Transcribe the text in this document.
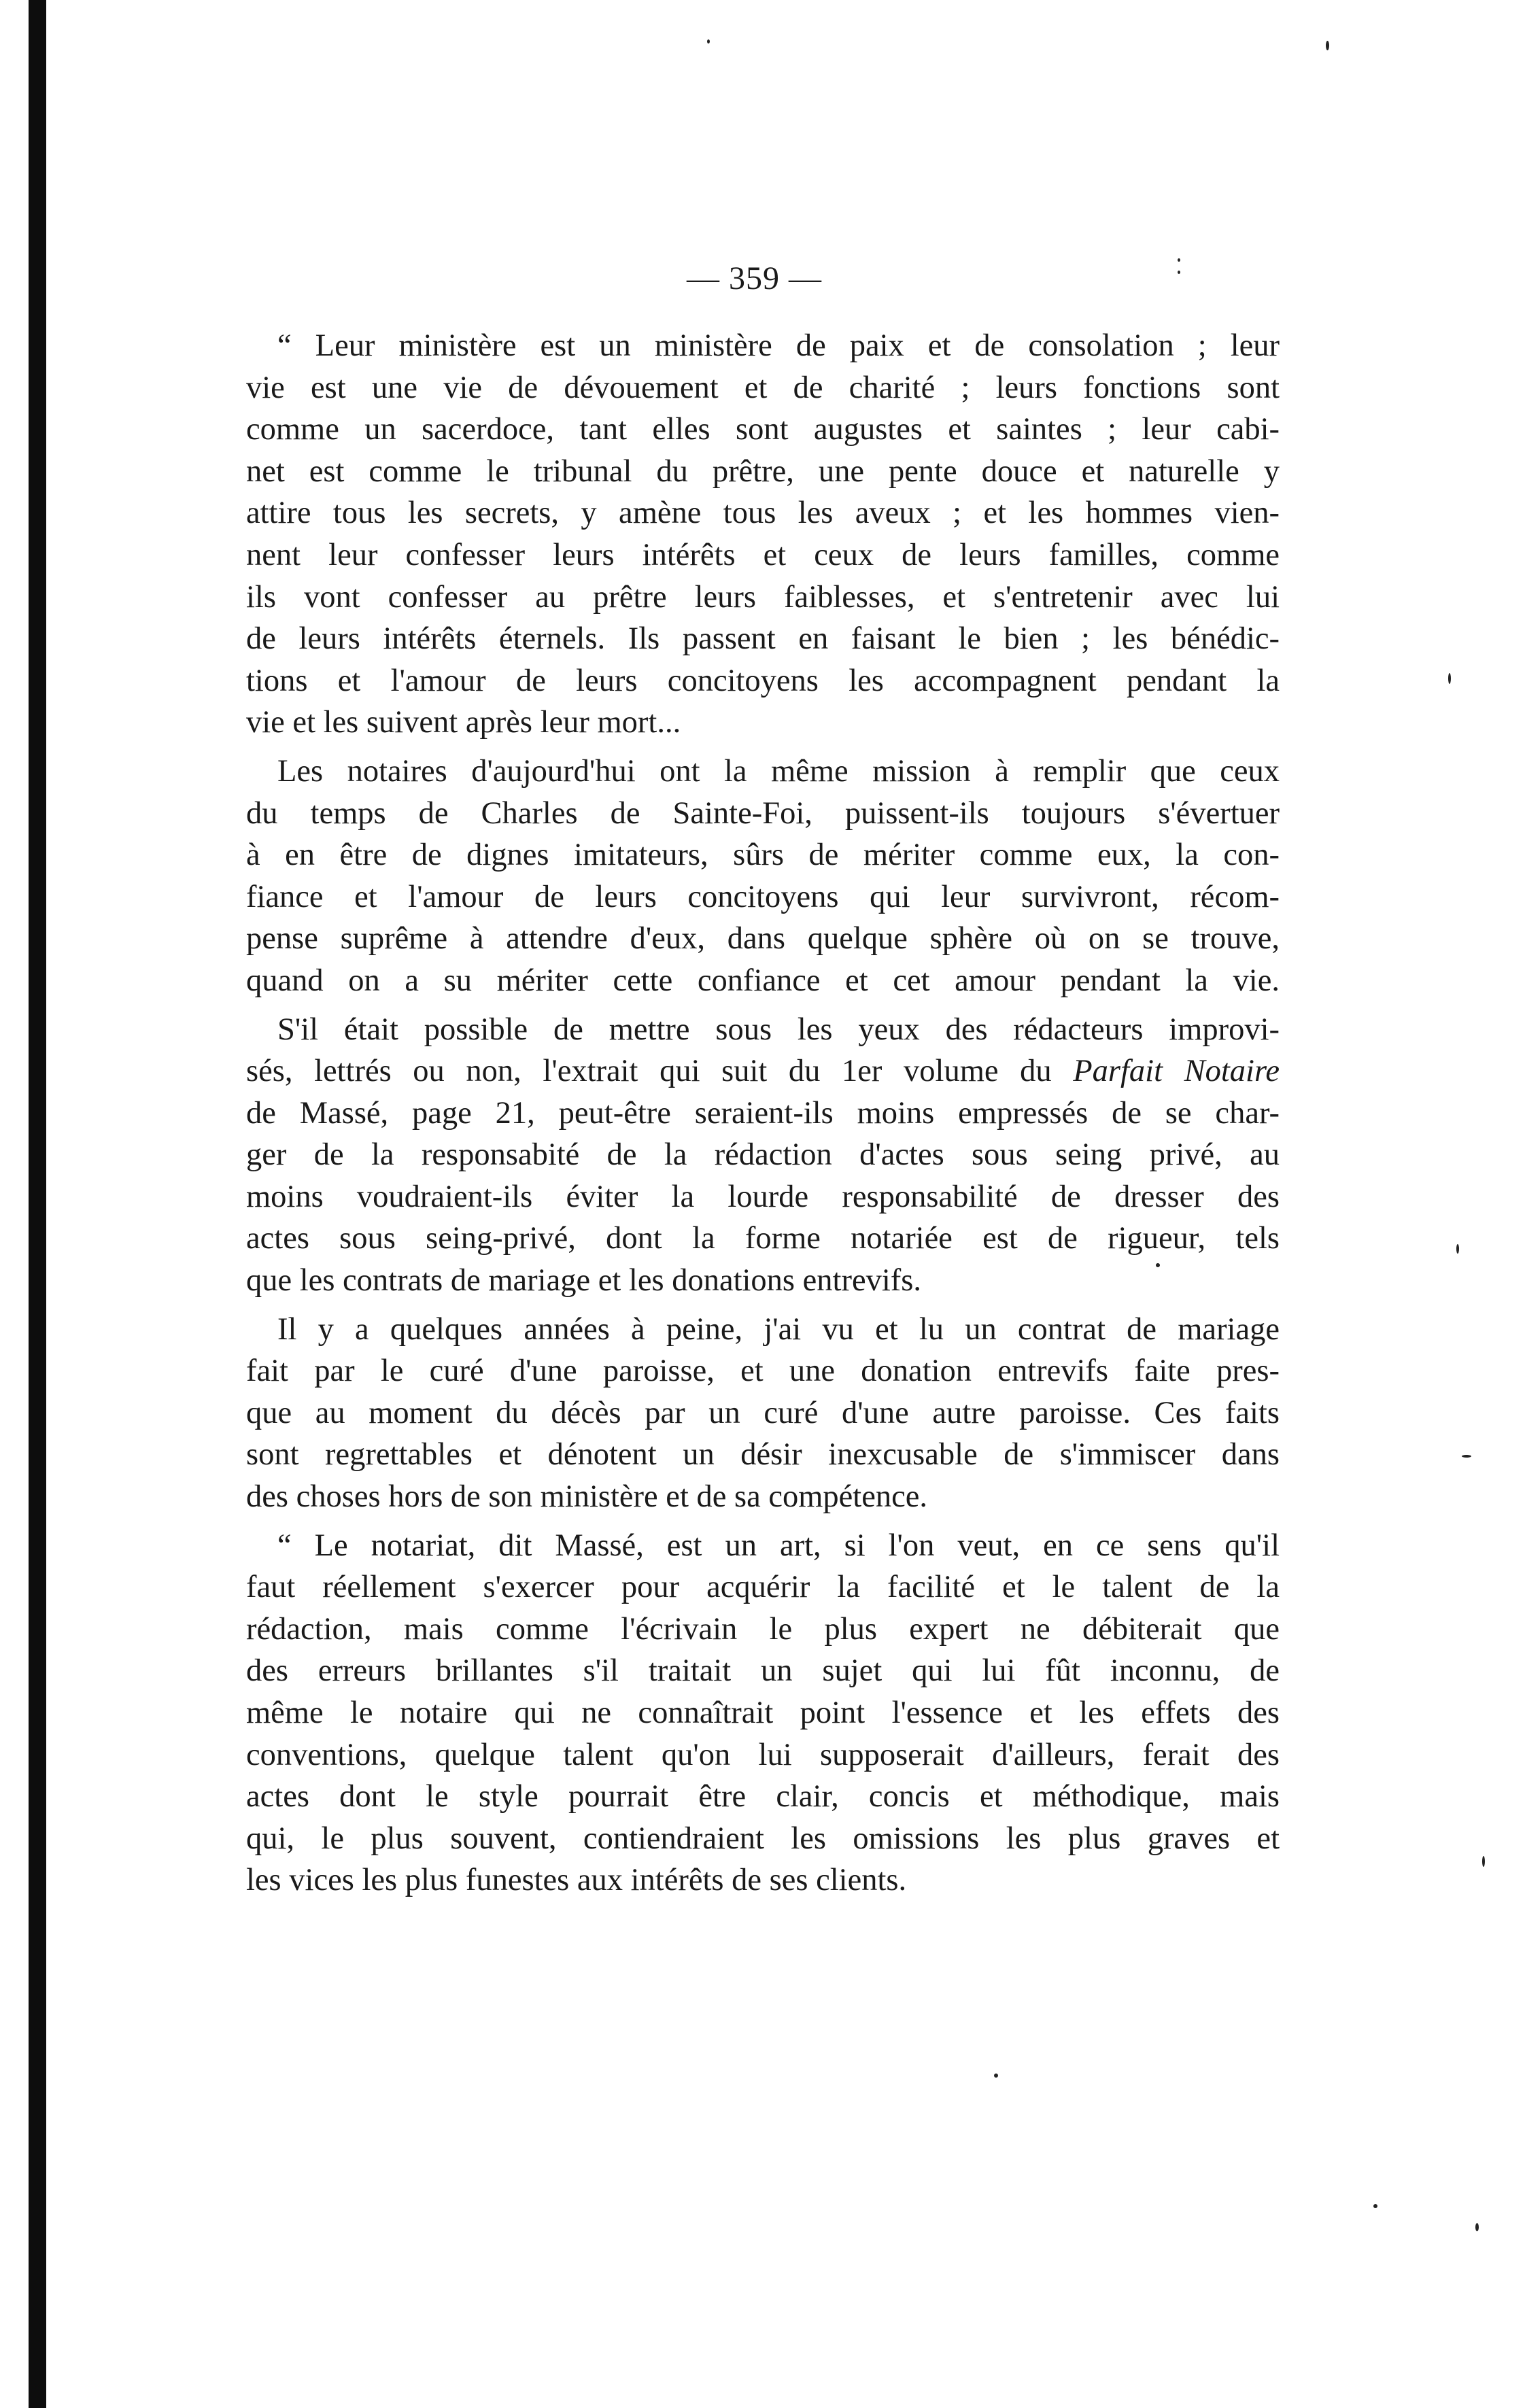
— 359 —
“ Leur ministère est un ministère de paix et de consolation ; leur
vie est une vie de dévouement et de charité ; leurs fonctions sont
comme un sacerdoce, tant elles sont augustes et saintes ; leur cabi-
net est comme le tribunal du prêtre, une pente douce et naturelle y
attire tous les secrets, y amène tous les aveux ; et les hommes vien-
nent leur confesser leurs intérêts et ceux de leurs familles, comme
ils vont confesser au prêtre leurs faiblesses, et s'entretenir avec lui
de leurs intérêts éternels. Ils passent en faisant le bien ; les bénédic-
tions et l'amour de leurs concitoyens les accompagnent pendant la
vie et les suivent après leur mort...
Les notaires d'aujourd'hui ont la même mission à remplir que ceux
du temps de Charles de Sainte-Foi, puissent-ils toujours s'évertuer
à en être de dignes imitateurs, sûrs de mériter comme eux, la con-
fiance et l'amour de leurs concitoyens qui leur survivront, récom-
pense suprême à attendre d'eux, dans quelque sphère où on se trouve,
quand on a su mériter cette confiance et cet amour pendant la vie.
S'il était possible de mettre sous les yeux des rédacteurs improvi-
sés, lettrés ou non, l'extrait qui suit du 1er volume du Parfait Notaire
de Massé, page 21, peut-être seraient-ils moins empressés de se char-
ger de la responsabité de la rédaction d'actes sous seing privé, au
moins voudraient-ils éviter la lourde responsabilité de dresser des
actes sous seing-privé, dont la forme notariée est de rigueur, tels
que les contrats de mariage et les donations entrevifs.
Il y a quelques années à peine, j'ai vu et lu un contrat de mariage
fait par le curé d'une paroisse, et une donation entrevifs faite pres-
que au moment du décès par un curé d'une autre paroisse. Ces faits
sont regrettables et dénotent un désir inexcusable de s'immiscer dans
des choses hors de son ministère et de sa compétence.
“ Le notariat, dit Massé, est un art, si l'on veut, en ce sens qu'il
faut réellement s'exercer pour acquérir la facilité et le talent de la
rédaction, mais comme l'écrivain le plus expert ne débiterait que
des erreurs brillantes s'il traitait un sujet qui lui fût inconnu, de
même le notaire qui ne connaîtrait point l'essence et les effets des
conventions, quelque talent qu'on lui supposerait d'ailleurs, ferait des
actes dont le style pourrait être clair, concis et méthodique, mais
qui, le plus souvent, contiendraient les omissions les plus graves et
les vices les plus funestes aux intérêts de ses clients.
